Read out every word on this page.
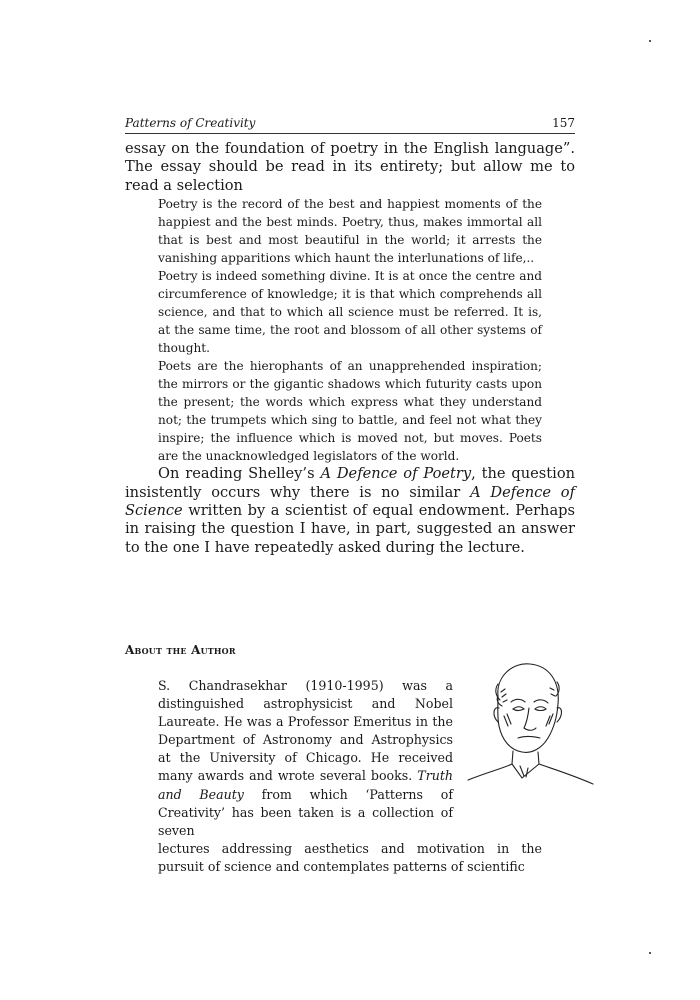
Patterns of Creativity	157

essay on the foundation of poetry in the English language”. The essay should be read in its entirety; but allow me to read a selection

Poetry is the record of the best and happiest moments of the happiest and the best minds. Poetry, thus, makes immortal all that is best and most beautiful in the world; it arrests the vanishing apparitions which haunt the interlunations of life,..

Poetry is indeed something divine. It is at once the centre and circumference of knowledge; it is that which comprehends all science, and that to which all science must be referred. It is, at the same time, the root and blossom of all other systems of thought.

Poets are the hierophants of an unapprehended inspiration; the mirrors or the gigantic shadows which futurity casts upon the present; the words which express what they understand not; the trumpets which sing to battle, and feel not what they inspire; the influence which is moved not, but moves. Poets are the unacknowledged legislators of the world.

On reading Shelley’s A Defence of Poetry, the question insistently occurs why there is no similar A Defence of Science written by a scientist of equal endowment. Perhaps in raising the question I have, in part, suggested an answer to the one I have repeatedly asked during the lecture.

About the Author

S. Chandrasekhar (1910-1995) was a distinguished astrophysicist and Nobel Laureate. He was a Professor Emeritus in the Department of Astronomy and Astrophysics at the University of Chicago. He received many awards and wrote several books. Truth and Beauty from which ‘Patterns of Creativity’ has been taken is a collection of seven

lectures addressing aesthetics and motivation in the pursuit of science and contemplates patterns of scientific
